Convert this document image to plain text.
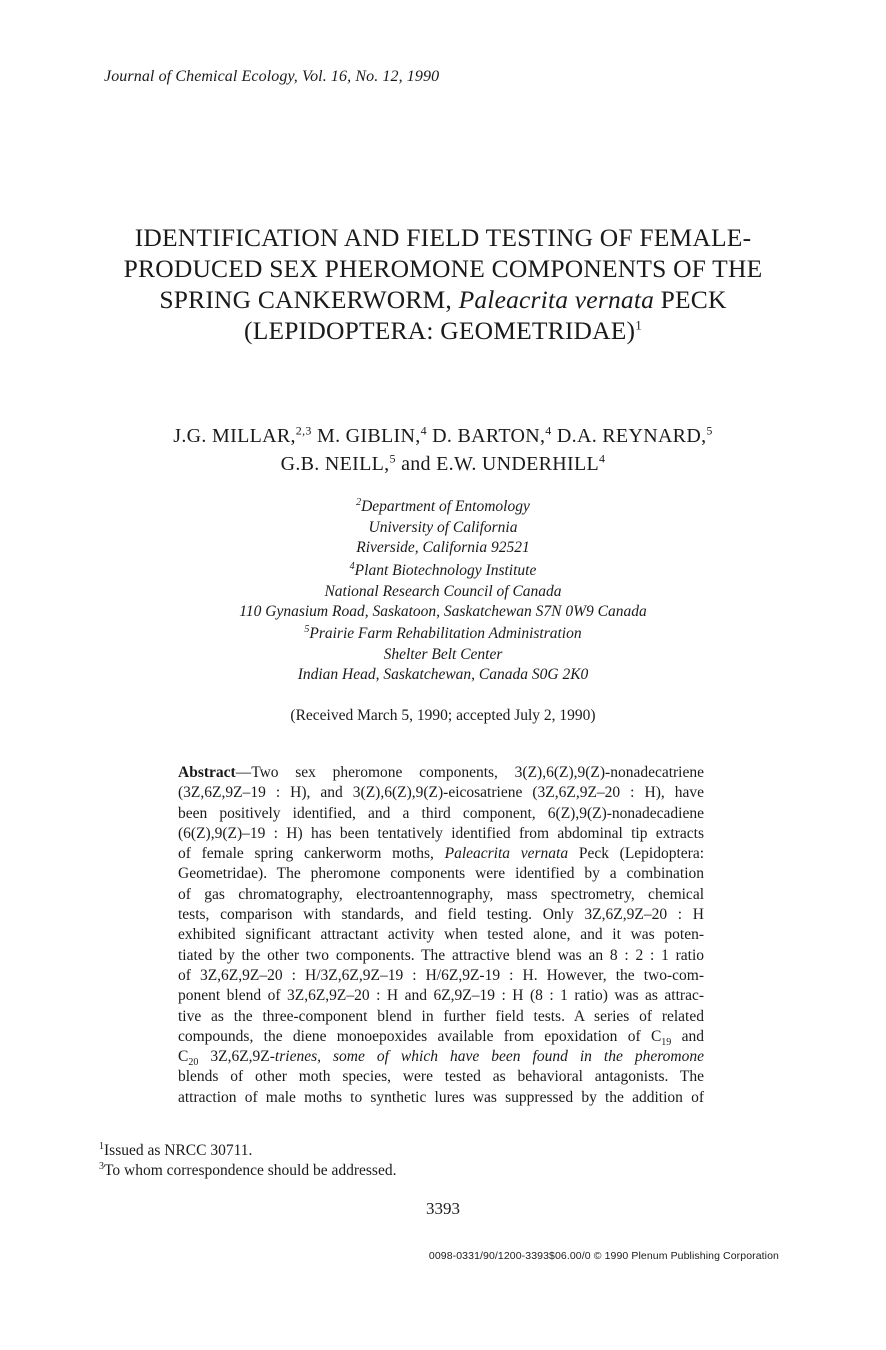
Journal of Chemical Ecology, Vol. 16, No. 12, 1990
IDENTIFICATION AND FIELD TESTING OF FEMALE-
PRODUCED SEX PHEROMONE COMPONENTS OF THE
SPRING CANKERWORM, Paleacrita vernata PECK
(LEPIDOPTERA: GEOMETRIDAE)$^1$
J.G. MILLAR,$^{2,3}$ M. GIBLIN,$^4$ D. BARTON,$^4$ D.A. REYNARD,$^5$
G.B. NEILL,$^5$ and E.W. UNDERHILL$^4$
$^2$Department of Entomology
University of California
Riverside, California 92521
$^4$Plant Biotechnology Institute
National Research Council of Canada
110 Gynasium Road, Saskatoon, Saskatchewan S7N 0W9 Canada
$^5$Prairie Farm Rehabilitation Administration
Shelter Belt Center
Indian Head, Saskatchewan, Canada S0G 2K0
(Received March 5, 1990; accepted July 2, 1990)
Abstract—Two sex pheromone components, 3(Z),6(Z),9(Z)-nonadecatriene
(3Z,6Z,9Z–19 : H), and 3(Z),6(Z),9(Z)-eicosatriene (3Z,6Z,9Z–20 : H), have
been positively identified, and a third component, 6(Z),9(Z)-nonadecadiene
(6(Z),9(Z)–19 : H) has been tentatively identified from abdominal tip extracts
of female spring cankerworm moths, Paleacrita vernata Peck (Lepidoptera:
Geometridae). The pheromone components were identified by a combination
of gas chromatography, electroantennography, mass spectrometry, chemical
tests, comparison with standards, and field testing. Only 3Z,6Z,9Z–20 : H
exhibited significant attractant activity when tested alone, and it was poten-
tiated by the other two components. The attractive blend was an 8 : 2 : 1 ratio
of 3Z,6Z,9Z–20 : H/3Z,6Z,9Z–19 : H/6Z,9Z-19 : H. However, the two-com-
ponent blend of 3Z,6Z,9Z–20 : H and 6Z,9Z–19 : H (8 : 1 ratio) was as attrac-
tive as the three-component blend in further field tests. A series of related
compounds, the diene monoepoxides available from epoxidation of $C_{19}$ and
$C_{20}$ 3Z,6Z,9Z-trienes, some of which have been found in the pheromone
blends of other moth species, were tested as behavioral antagonists. The
attraction of male moths to synthetic lures was suppressed by the addition of
$^1$Issued as NRCC 30711.
$^3$To whom correspondence should be addressed.
3393
0098-0331/90/1200-3393$06.00/0 © 1990 Plenum Publishing Corporation
